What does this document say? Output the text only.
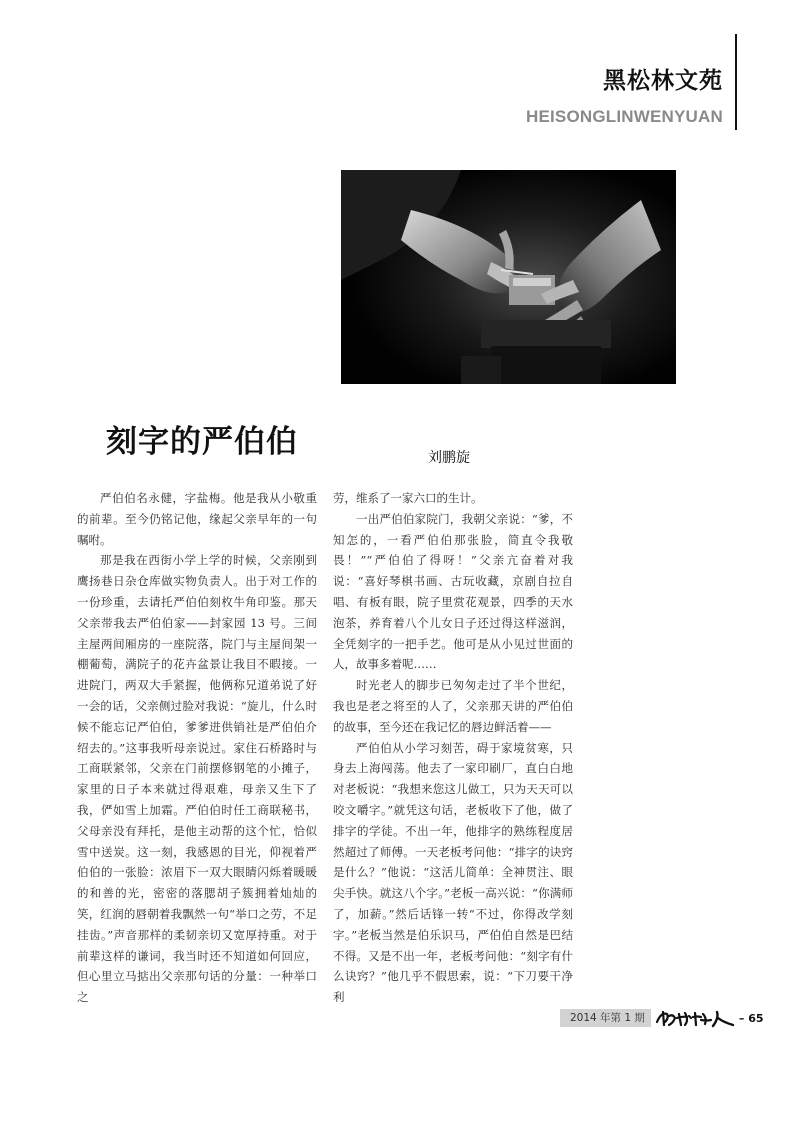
黑松林文苑
HEISONGLINWENYUAN
刻字的严伯伯	刘鹏旋

严伯伯名永健，字盐梅。他是我从小敬重的前辈。至今仍铭记他，缘起父亲早年的一句嘱咐。

那是我在西街小学上学的时候，父亲刚到鹰扬巷日杂仓库做实物负责人。出于对工作的一份珍重，去请托严伯伯刻枚牛角印鉴。那天父亲带我去严伯伯家——封家园 13 号。三间主屋两间厢房的一座院落，院门与主屋间架一棚葡萄，满院子的花卉盆景让我目不暇接。一进院门，两双大手紧握，他俩称兄道弟说了好一会的话，父亲侧过脸对我说：“旋儿，什么时候不能忘记严伯伯，爹爹进供销社是严伯伯介绍去的。”这事我听母亲说过。家住石桥路时与工商联紧邻，父亲在门前摆修钢笔的小摊子，家里的日子本来就过得艰难，母亲又生下了我，俨如雪上加霜。严伯伯时任工商联秘书，父母亲没有拜托，是他主动帮的这个忙，恰似雪中送炭。这一刻，我感恩的目光，仰视着严伯伯的一张脸：浓眉下一双大眼睛闪烁着暖暖的和善的光，密密的落腮胡子簇拥着灿灿的笑，红润的唇朝着我飘然一句“举口之劳，不足挂齿。”声音那样的柔韧亲切又宽厚持重。对于前辈这样的谦词，我当时还不知道如何回应，但心里立马掂出父亲那句话的分量：一种举口之

劳，维系了一家六口的生计。

一出严伯伯家院门，我朝父亲说：“爹，不知怎的，一看严伯伯那张脸，简直令我敬畏！”“严伯伯了得呀！”父亲亢奋着对我说：“喜好琴棋书画、古玩收藏，京剧自拉自唱、有板有眼，院子里赏花观景，四季的天水泡茶，养育着八个儿女日子还过得这样滋润，全凭刻字的一把手艺。他可是从小见过世面的人，故事多着呢……

时光老人的脚步已匆匆走过了半个世纪，我也是老之将至的人了，父亲那天讲的严伯伯的故事，至今还在我记忆的唇边鲜活着——

严伯伯从小学习刻苦，碍于家境贫寒，只身去上海闯荡。他去了一家印刷厂，直白白地对老板说：“我想来您这儿做工，只为天天可以咬文嚼字。”就凭这句话，老板收下了他，做了排字的学徒。不出一年，他排字的熟练程度居然超过了师傅。一天老板考问他：“排字的诀窍是什么？”他说：“这活儿简单：全神贯注、眼尖手快。就这八个字。”老板一高兴说：“你满师了，加薪。”然后话锋一转“不过，你得改学刻字。”老板当然是伯乐识马，严伯伯自然是巴结不得。又是不出一年，老板考问他：“刻字有什么诀窍？”他几乎不假思索，说：“下刀要干净利

2014 年第 1 期	– 65
